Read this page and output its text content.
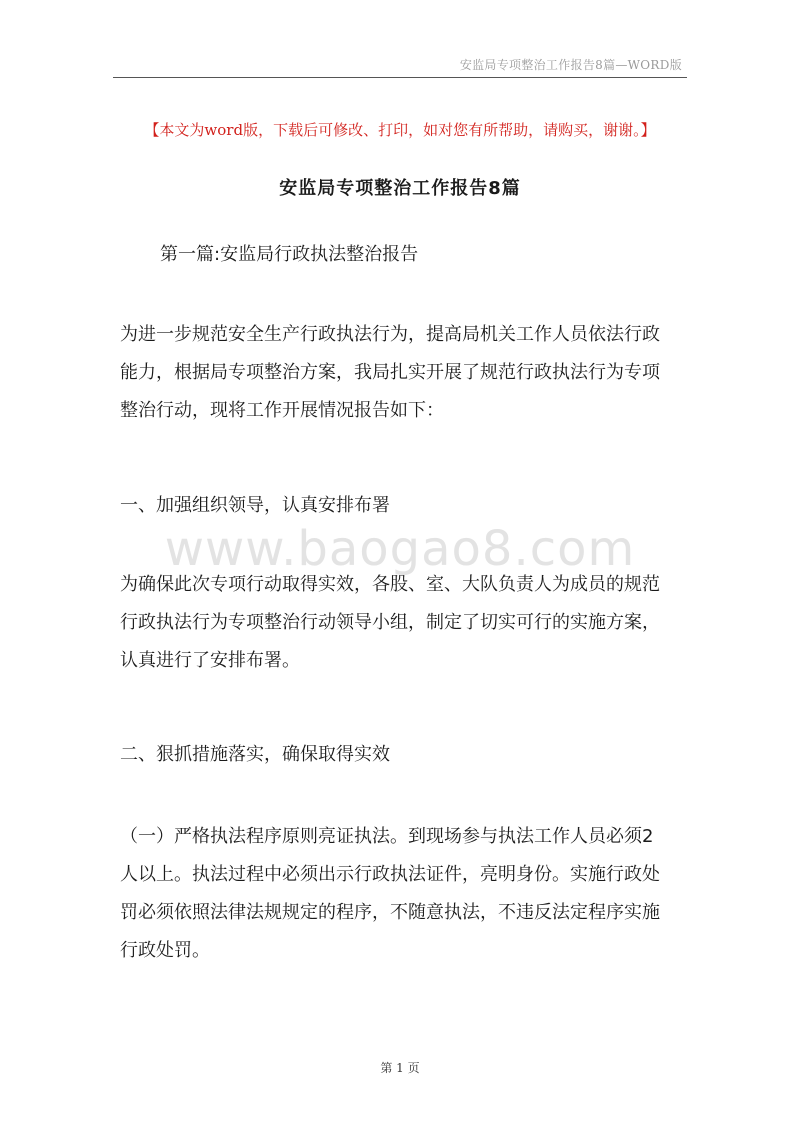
安监局专项整治工作报告8篇—WORD版
【本文为word版，下载后可修改、打印，如对您有所帮助，请购买，谢谢。】
安监局专项整治工作报告8篇
第一篇:安监局行政执法整治报告
为进一步规范安全生产行政执法行为，提高局机关工作人员依法行政
能力，根据局专项整治方案，我局扎实开展了规范行政执法行为专项
整治行动，现将工作开展情况报告如下：
一、加强组织领导，认真安排布署
www.baogao8.com
为确保此次专项行动取得实效，各股、室、大队负责人为成员的规范
行政执法行为专项整治行动领导小组，制定了切实可行的实施方案，
认真进行了安排布署。
二、狠抓措施落实，确保取得实效
（一）严格执法程序原则亮证执法。到现场参与执法工作人员必须2
人以上。执法过程中必须出示行政执法证件，亮明身份。实施行政处
罚必须依照法律法规规定的程序，不随意执法，不违反法定程序实施
行政处罚。
第 1 页
